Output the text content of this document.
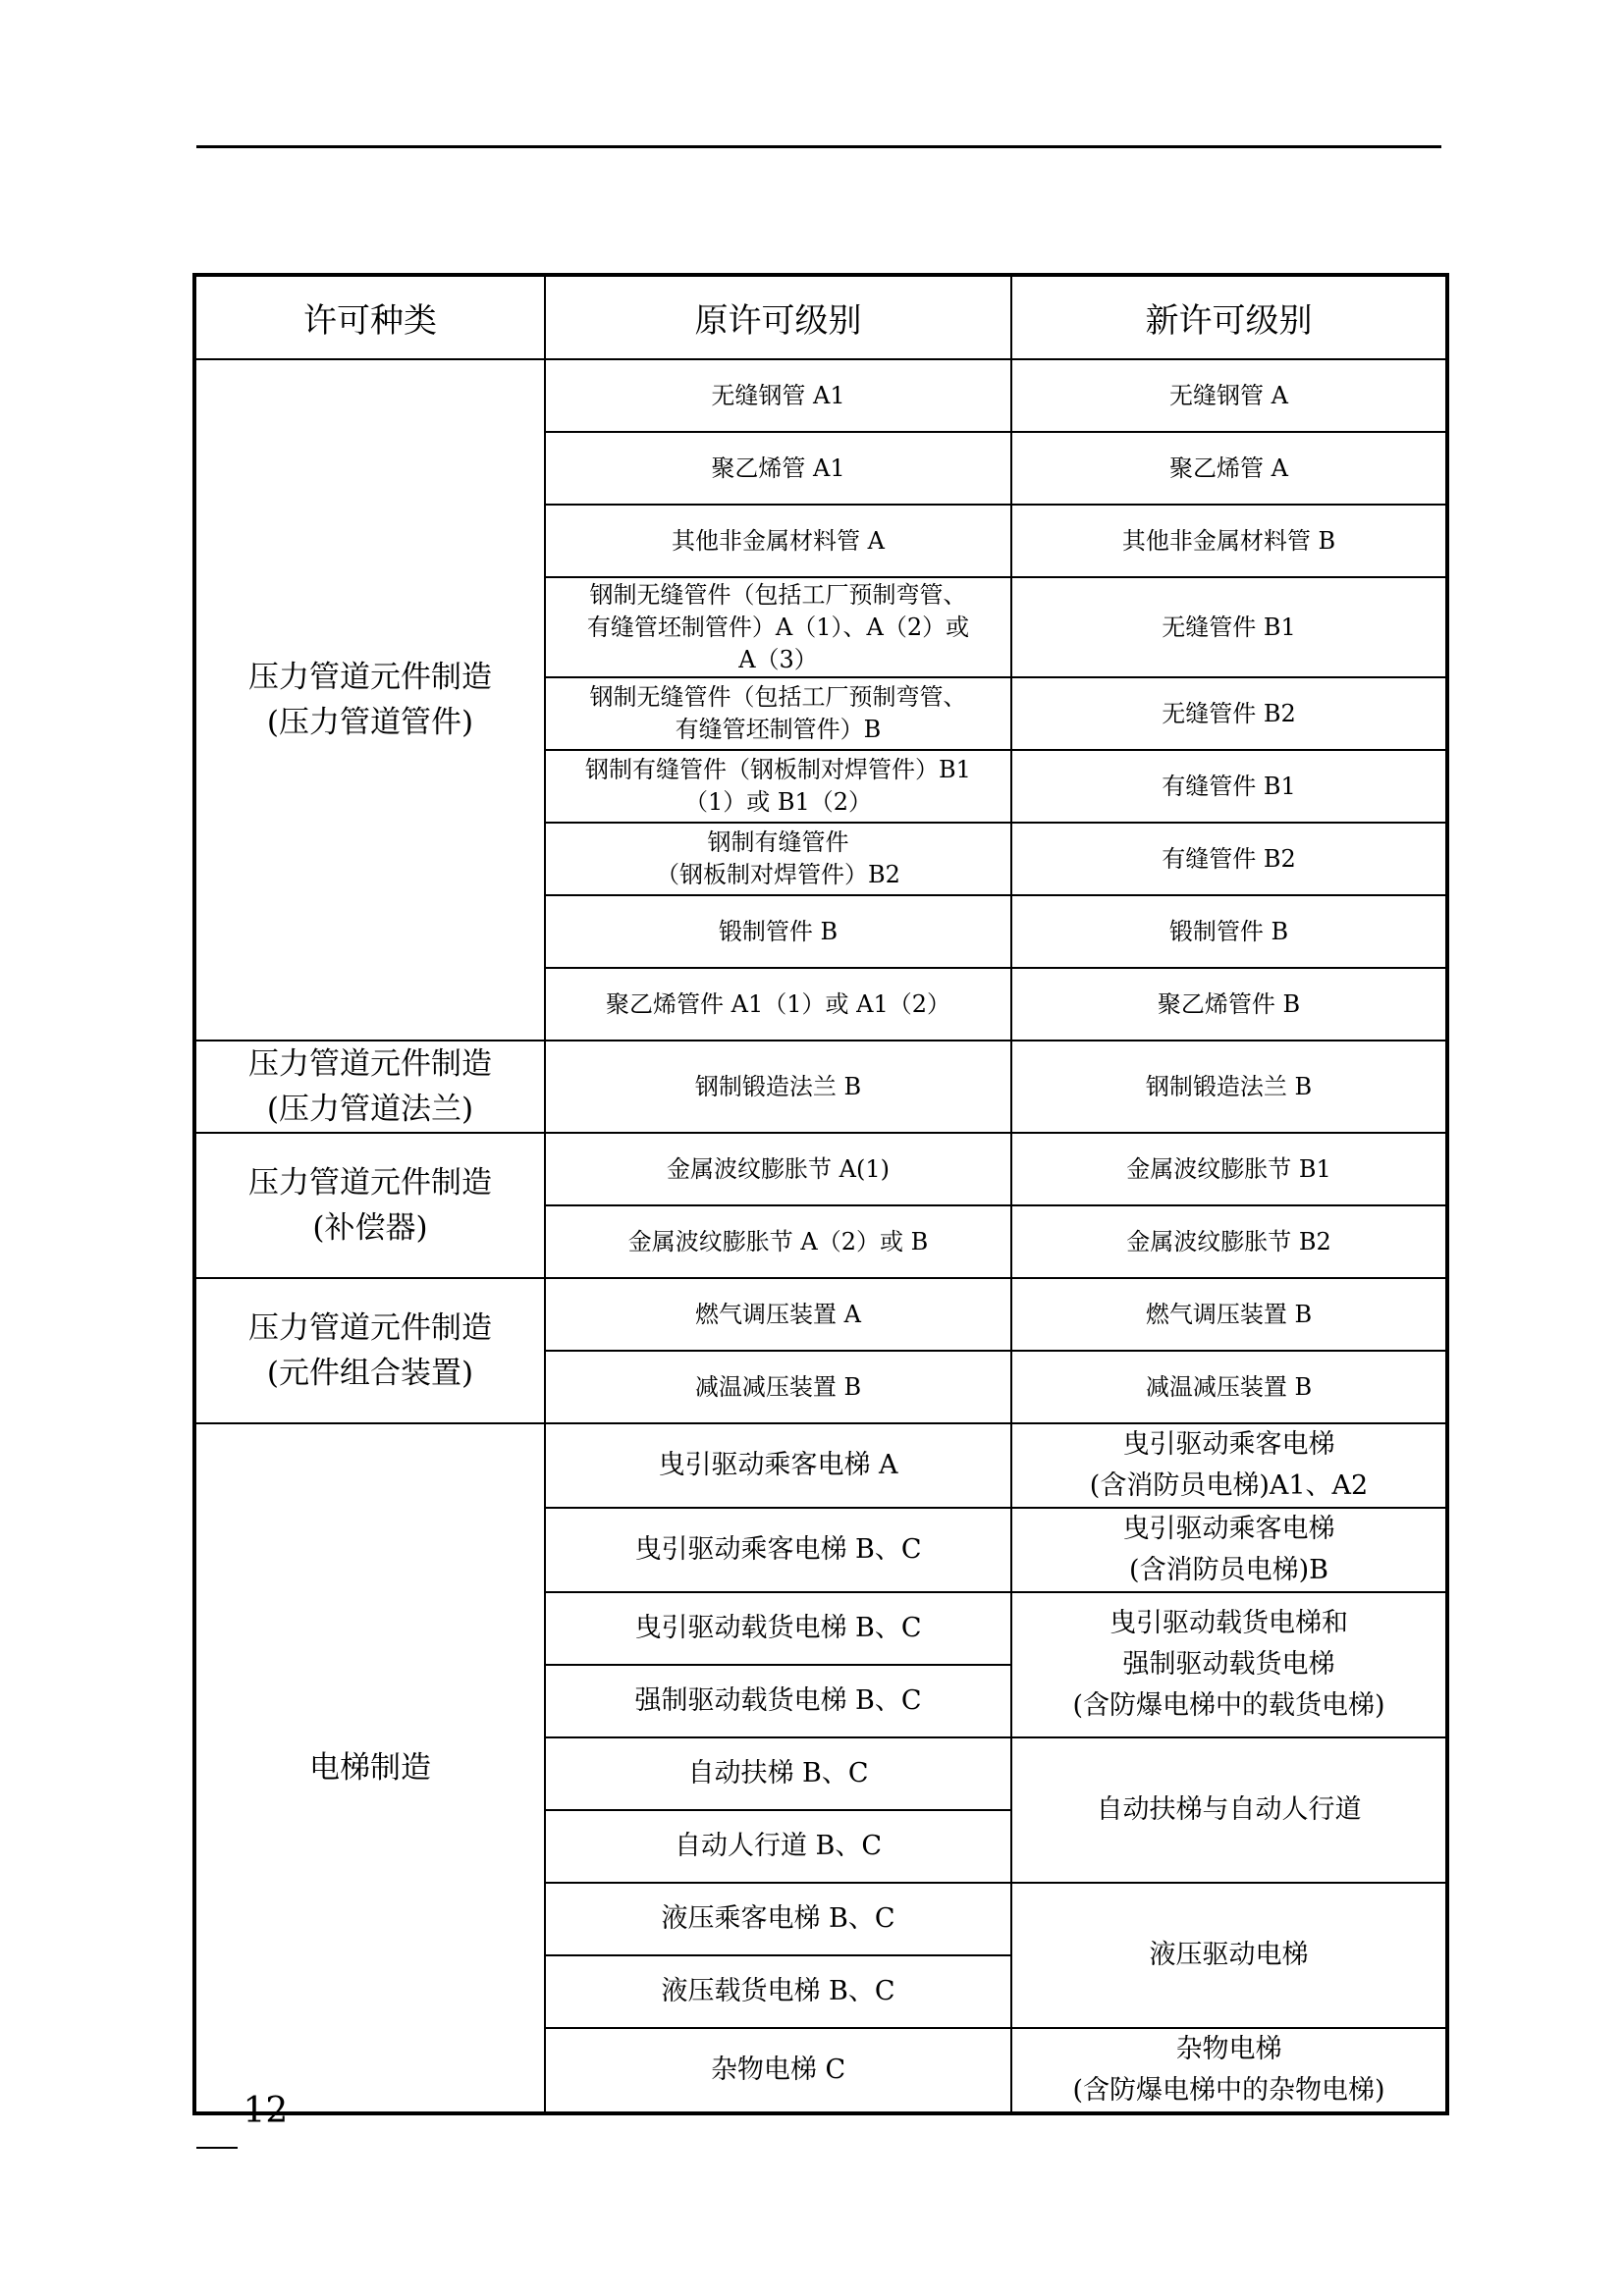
许可种类	原许可级别	新许可级别

压力管道元件制造
(压力管道管件)	无缝钢管 A1	无缝钢管 A

	聚乙烯管 A1	聚乙烯管 A

	其他非金属材料管 A	其他非金属材料管 B

	钢制无缝管件（包括工厂预制弯管、
有缝管坯制管件）A（1）、A（2）或
A（3）	无缝管件 B1

	钢制无缝管件（包括工厂预制弯管、
有缝管坯制管件）B	无缝管件 B2

	钢制有缝管件（钢板制对焊管件）B1
（1）或 B1（2）	有缝管件 B1

	钢制有缝管件
（钢板制对焊管件）B2	有缝管件 B2

	锻制管件 B	锻制管件 B

	聚乙烯管件 A1（1）或 A1（2）	聚乙烯管件 B

压力管道元件制造
(压力管道法兰)	钢制锻造法兰 B	钢制锻造法兰 B

压力管道元件制造
(补偿器)	金属波纹膨胀节 A(1)	金属波纹膨胀节 B1

	金属波纹膨胀节 A（2）或 B	金属波纹膨胀节 B2

压力管道元件制造
(元件组合装置)	燃气调压装置 A	燃气调压装置 B

	减温减压装置 B	减温减压装置 B

电梯制造	曳引驱动乘客电梯 A	曳引驱动乘客电梯
(含消防员电梯)A1、A2

	曳引驱动乘客电梯 B、C	曳引驱动乘客电梯
(含消防员电梯)B

	曳引驱动载货电梯 B、C	曳引驱动载货电梯和
强制驱动载货电梯
(含防爆电梯中的载货电梯)

	强制驱动载货电梯 B、C	

	自动扶梯 B、C	自动扶梯与自动人行道

	自动人行道 B、C	

	液压乘客电梯 B、C	液压驱动电梯

	液压载货电梯 B、C	

	杂物电梯 C	杂物电梯
(含防爆电梯中的杂物电梯)
— 12 —
